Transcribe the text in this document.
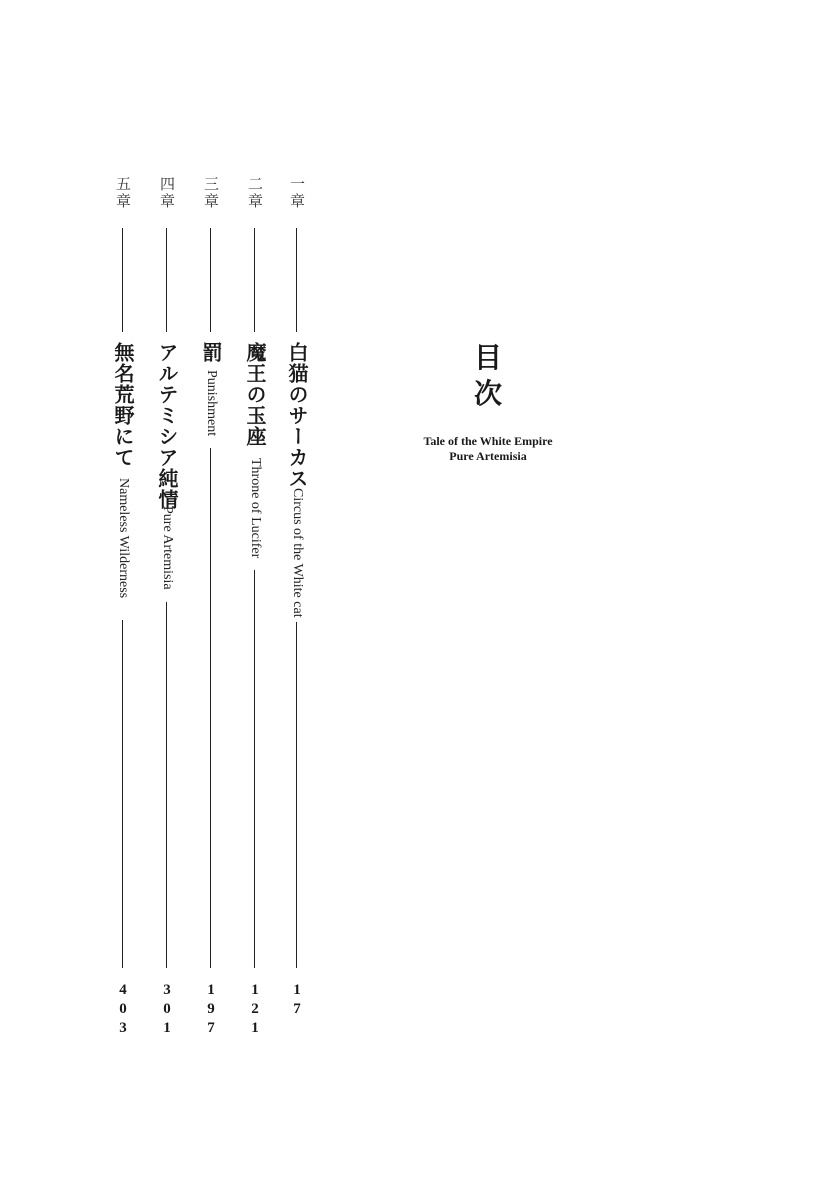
目
次
Tale of the White Empire
Pure Artemisia
一章
白猫のサーカス
Circus of the White cat
17
二章
魔王の玉座
Throne of Lucifer
121
三章
罰
Punishment
197
四章
アルテミシア純情
Pure Artemisia
301
五章
無名荒野にて
Nameless Wilderness
403
